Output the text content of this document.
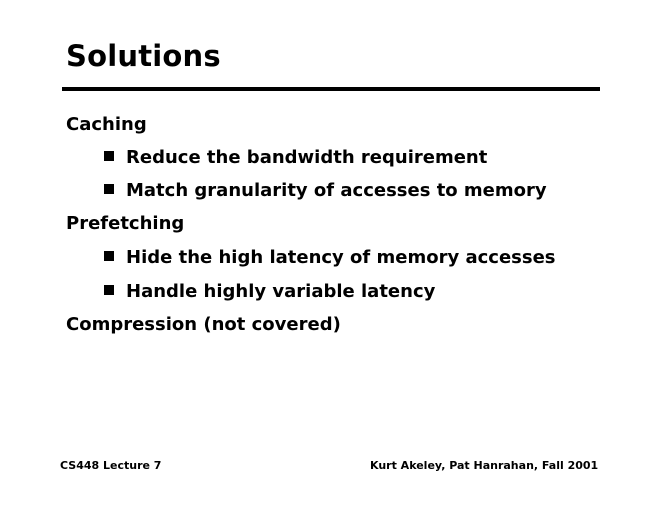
Solutions
Caching
Reduce the bandwidth requirement
Match granularity of accesses to memory
Prefetching
Hide the high latency of memory accesses
Handle highly variable latency
Compression (not covered)
CS448 Lecture 7	Kurt Akeley, Pat Hanrahan, Fall 2001
